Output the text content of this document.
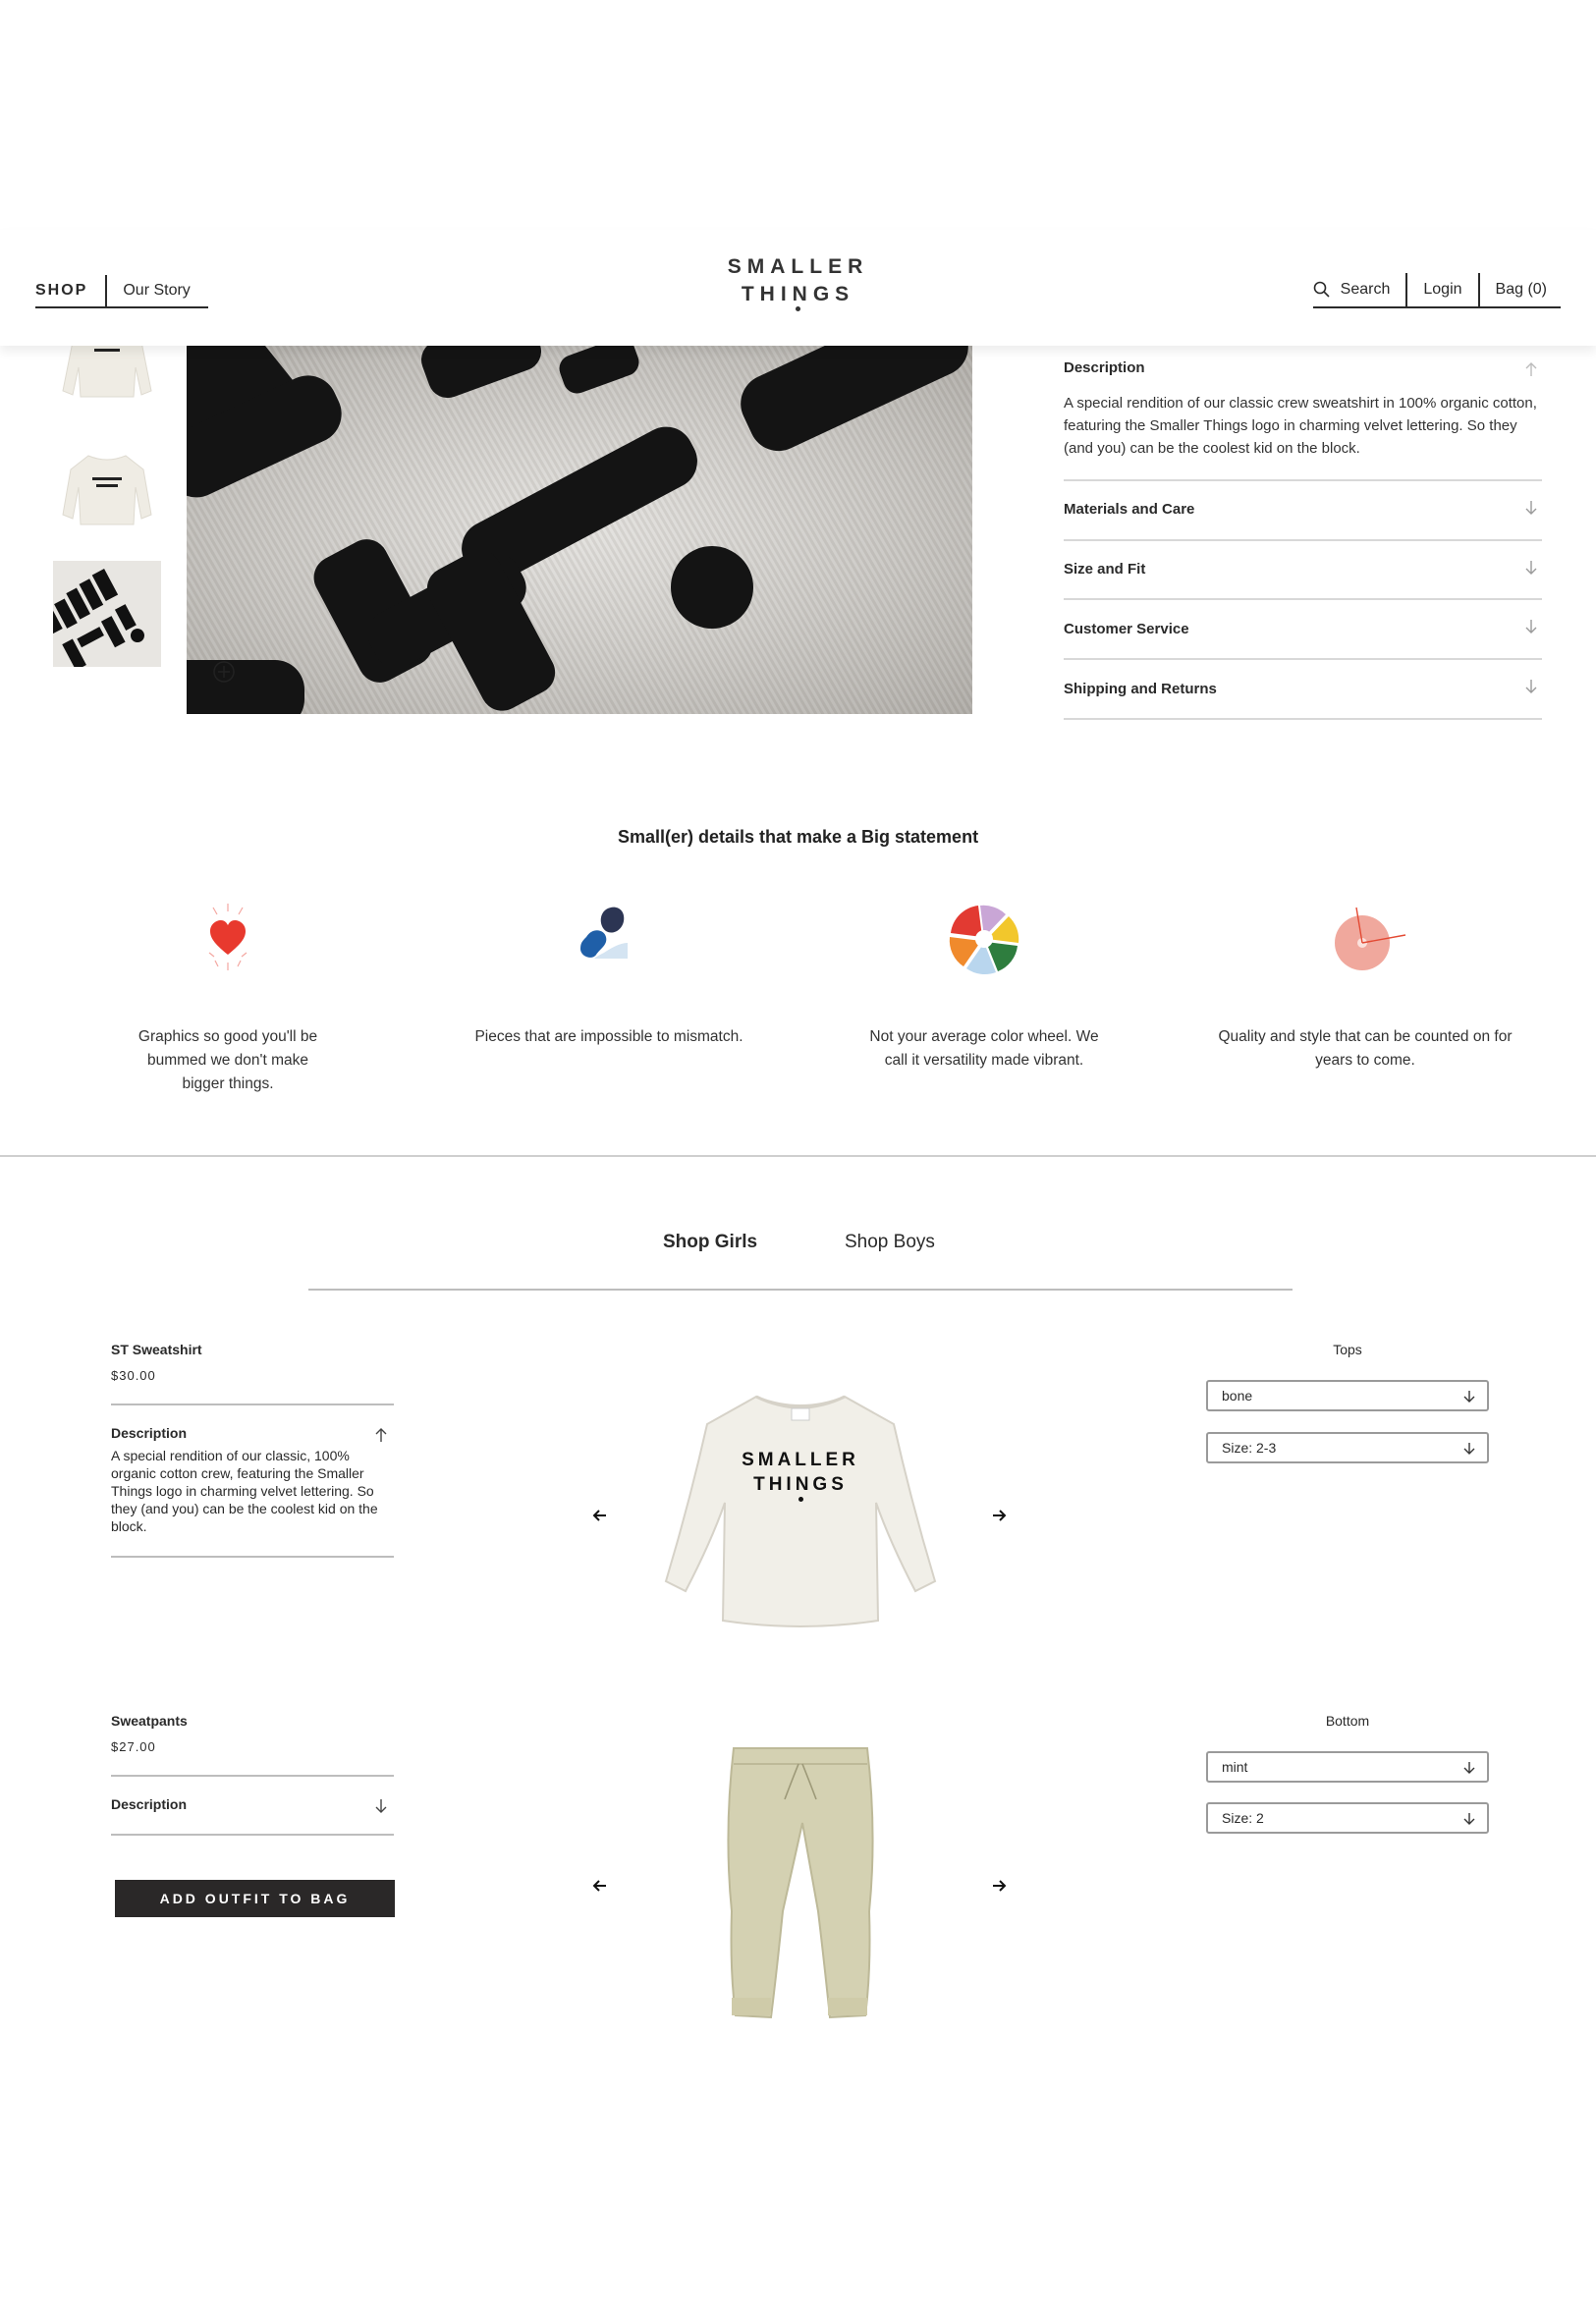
SHOP	Our Story
SMALLER
THINGS	Search Login Bag (0)
Description

A special rendition of our classic crew sweatshirt in 100% organic cotton, featuring the Smaller Things logo in charming velvet lettering. So they (and you) can be the coolest kid on the block.

Materials and Care
Size and Fit
Customer Service
Shipping and Returns
Small(er) details that make a Big statement
Graphics so good you'll be bummed we don't make bigger things.
Pieces that are impossible to mismatch.	Not your average color wheel. We call it versatility made vibrant.
Quality and style that can be counted on for years to come.
Shop Girls	Shop Boys
ST Sweatshirt
$30.00
Description
A special rendition of our classic, 100% organic cotton crew, featuring the Smaller Things logo in charming velvet lettering. So they (and you) can be the coolest kid on the block.
SMALLER
THINGS
Tops
bone
Size: 2-3
Sweatpants
$27.00
Description
ADD OUTFIT TO BAG
Bottom
mint
Size: 2
